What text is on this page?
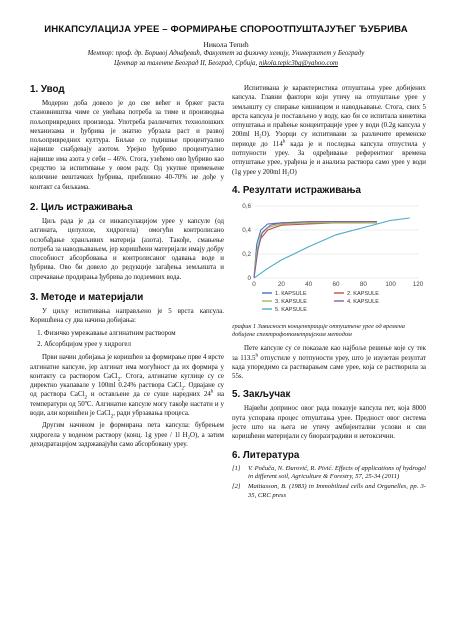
ИНКАПСУЛАЦИЈА УРЕЕ – ФОРМИРАЊЕ СПОРООТПУШТАЈУЋЕГ ЂУБРИВА
Никола Тепић
Ментор: проф. др. Боривој Аднађевић, Факултет за физичку хемију, Универзитет у Београду
Центар за таленте Београд II, Београд, Србија, nikola.tepic3bg@yahoo.com
1. Увод

Модерно доба довело је до све већег и бржег раста становништва чиме се увећава потреба за тиме и производња пољопривредних производа. Употреба различитих технолошких механизама и ђубрива је знатно убрзала раст и развој пољопривредних култура. Биљке се годишње процентуално највише снабдевају азотом. Урејно ђубриво процентуално највише има азота у себи – 46%. Стога, узећемо ово ђубриво као средство за испитивање у овом раду. Од укупне примењене количине вештачких ђубрива, приближно 40-70% не дође у контакт са биљкама.

2. Циљ истраживања

Циљ рада је да се инкапсулацијом урее у капсуле (од алгината, целулозе, хидрогела) омогући контролисано ослобађање хранљивих материја (азота). Такође, смањење потреба за наводњавањем, јер коришћени материјали имају добру способност абсорбовања и контролисаног одавања воде и ђубрива. Ово би довело до редукције загађења земљишта и спречавање продирања ђубрива до подземних вода.

3. Методе и материјали

У циљу испитивања направљено је 5 врста капсула. Коришћена су два начина добијања:

1. Физичко умрежавање алгинатним раствором
2. Абсорбцијом урее у хидрогел

Први начин добијања је коришћен за формирање прве 4 врсте алгинатне капсуле, јер алгинат има могућност да их формира у контакту са раствором CaCl$_2$. Стога, алгинатне куглице су се директно укапавале у 100ml 0.24% раствора CaCl$_2$. Одвајане су од раствора CaCl$_2$ и остављене да се суше наредних 24$^h$ на температури од 50ºC. Алгинатне капсуле могу такође настати и у води, али коришћен је CaCl$_2$, ради убрзавања процеса.

Другим начином је формирана пета капсула: бубрењем хидрогела у воденом раствору (конц. 1g урее / 1l H₂O), а затим дехидратацијом задржавајући само абсорбовану уреу.

Испитивана је карактеристика отпуштања урее добијених капсула. Главни фактори који утичу на отпуштање урее у земљишту су спирање кишницом и наводњавање. Стога, свих 5 врста капсула је постављено у воду, као би се испитала кинетика отпуштања и праћење концентрације урее у води (0.2g капсула у 200ml H₂O). Узорци су испитивани за различите временске периоде до 114$^h$ када је и последња капсула отпустила у потпуности уреу. За одређивање референтног времена отпуштање урее, урађена је и анализа раствора само урее у води (1g урее у 200ml H₂O)

4. Резултати истраживања
0
0,2
0,4
0,6
0	20	40	60	80	100	120
1. КАPSULE	2. KAPSULE
3. KAPSULE	4. KAPSULE
5. KAPSULE
график 1 Зависност концентрације отпуштене урее од времена добијене спектрофотометријском методом

Пете капсуле су се показале као најбоље решење које су тек за 113.5$^h$ отпустиле у потпуности уреу, што је изузетан резултат када упоредимо са растварањем саме урее, која се растворила за 55s.

5. Закључак

Највећи допринос овог рада показује капсула пет, која 8000 пута успорава процес отпуштања урее. Предност овог система јесте што на њега не утичу амбијентални услови и сви коришћени материјали су биоразградиви и нетоксични.

6. Литература
[1]	V. Počuča, N. Đurović, R. Pivić. Effects of applications of hydrogel in different soil, Agriculture & Forestry, 57, 25-34 (2011)
[2]	Mattiasson, B. (1983) in Immobilized cells and Organelles, pp. 3-35, CRC press
